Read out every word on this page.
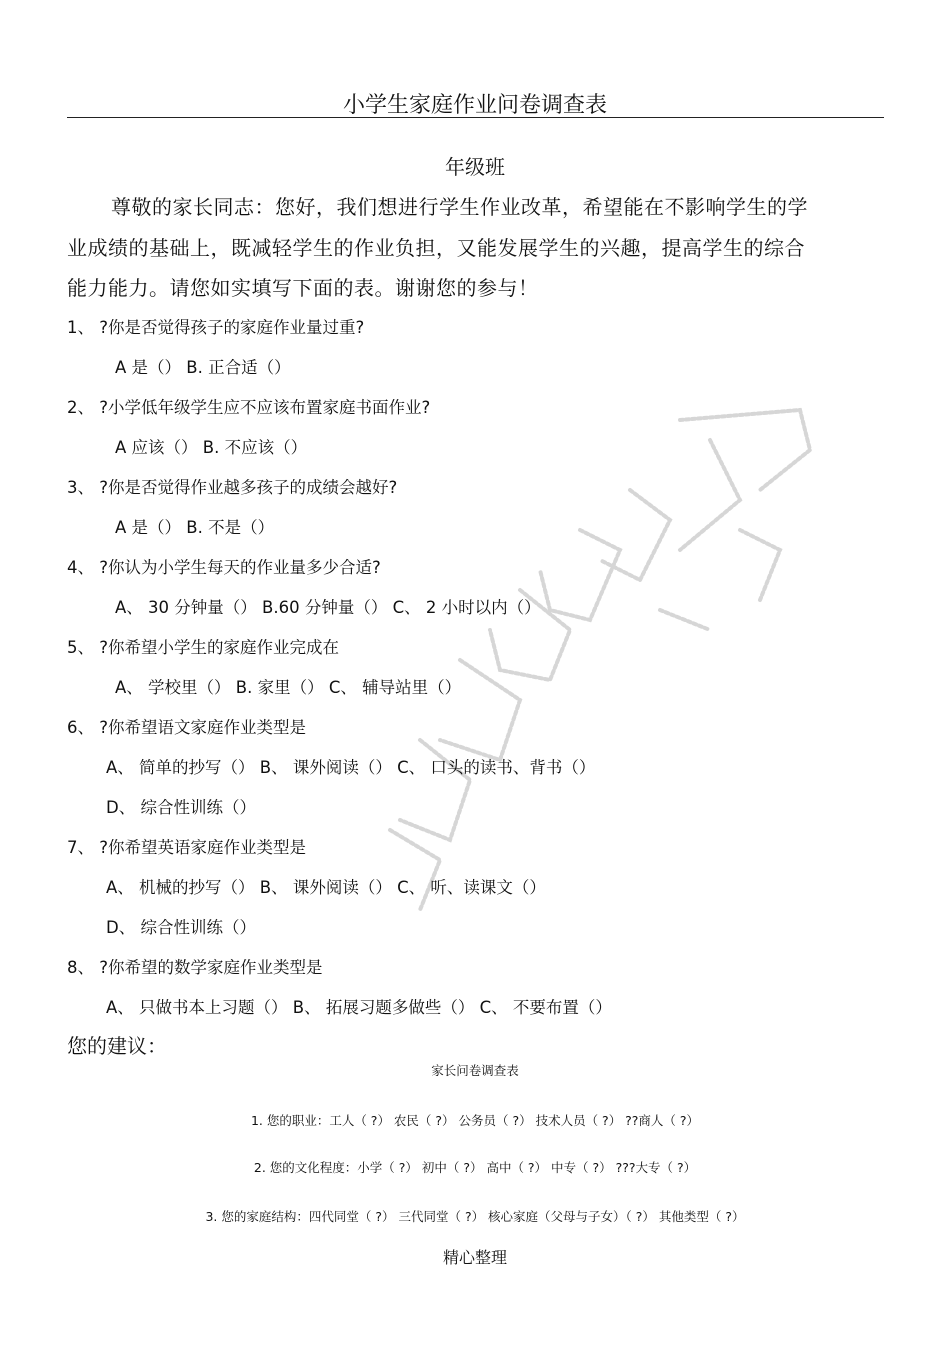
小学生家庭作业问卷调查表
年级班
尊敬的家长同志：您好，我们想进行学生作业改革，希望能在不影响学生的学
业成绩的基础上，既减轻学生的作业负担，又能发展学生的兴趣，提高学生的综合
能力能力。请您如实填写下面的表。谢谢您的参与！
1、 ?你是否觉得孩子的家庭作业量过重?
A 是（） B. 正合适（）
2、 ?小学低年级学生应不应该布置家庭书面作业?
A 应该（） B. 不应该（）
3、 ?你是否觉得作业越多孩子的成绩会越好?
A 是（） B. 不是（）
4、 ?你认为小学生每天的作业量多少合适?
A、 30 分钟量（） B.60 分钟量（） C、 2 小时以内（）
5、 ?你希望小学生的家庭作业完成在
A、 学校里（） B. 家里（） C、 辅导站里（）
6、 ?你希望语文家庭作业类型是
A、 简单的抄写（） B、 课外阅读（） C、 口头的读书、背书（）
D、 综合性训练（）
7、 ?你希望英语家庭作业类型是
A、 机械的抄写（） B、 课外阅读（） C、 听、读课文（）
D、 综合性训练（）
8、 ?你希望的数学家庭作业类型是
A、 只做书本上习题（） B、 拓展习题多做些（） C、 不要布置（）
您的建议：
家长问卷调查表
1. 您的职业：工人（ ?） 农民（ ?） 公务员（ ?） 技术人员（ ?） ??商人（ ?）
2. 您的文化程度：小学（ ?） 初中（ ?） 高中（ ?） 中专（ ?） ???大专（ ?）
3. 您的家庭结构：四代同堂（ ?） 三代同堂（ ?） 核心家庭（父母与子女）（ ?） 其他类型（ ?）
精心整理
